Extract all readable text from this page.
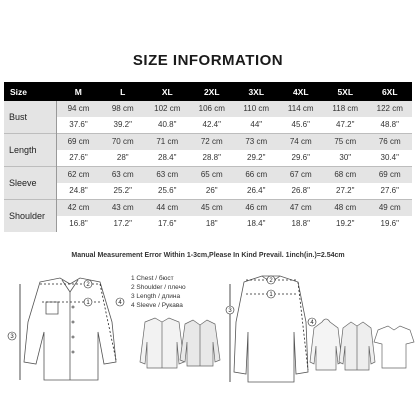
SIZE INFORMATION
Size	M	L	XL	2XL	3XL	4XL	5XL	6XL
Bust	94 cm	98 cm	102 cm	106 cm	110 cm	114 cm	118 cm	122 cm
	37.6"	39.2"	40.8"	42.4"	44"	45.6"	47.2"	48.8"
Length	69 cm	70 cm	71 cm	72 cm	73 cm	74 cm	75 cm	76 cm
	27.6"	28"	28.4"	28.8"	29.2"	29.6"	30"	30.4"
Sleeve	62 cm	63 cm	63 cm	65 cm	66 cm	67 cm	68 cm	69 cm
	24.8"	25.2"	25.6"	26"	26.4"	26.8"	27.2"	27.6"
Shoulder	42 cm	43 cm	44 cm	45 cm	46 cm	47 cm	48 cm	49 cm
	16.8"	17.2"	17.6"	18"	18.4"	18.8"	19.2"	19.6"
Manual Measurement Error Within 1-3cm,Please In Kind Prevail. 1inch(in.)=2.54cm
2
1
3
4
2
1
3
4
1 Chest / бюст
2 Shoulder / плечо
3 Length / длина
4 Sleeve / Рукава
